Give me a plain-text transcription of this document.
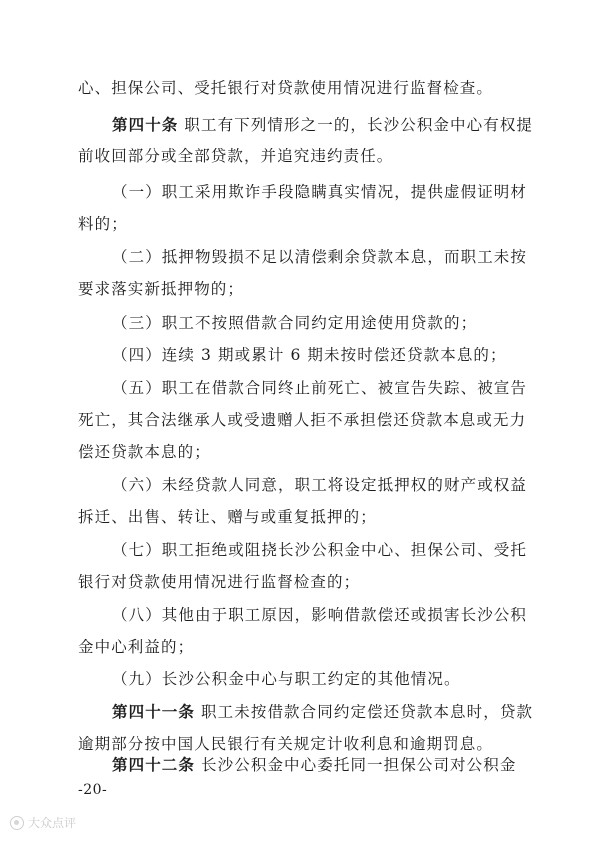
心、担保公司、受托银行对贷款使用情况进行监督检查。
第四十条 职工有下列情形之一的，长沙公积金中心有权提
前收回部分或全部贷款，并追究违约责任。
（一）职工采用欺诈手段隐瞒真实情况，提供虚假证明材
料的；
（二）抵押物毁损不足以清偿剩余贷款本息，而职工未按
要求落实新抵押物的；
（三）职工不按照借款合同约定用途使用贷款的；
（四）连续 3 期或累计 6 期未按时偿还贷款本息的；
（五）职工在借款合同终止前死亡、被宣告失踪、被宣告
死亡，其合法继承人或受遗赠人拒不承担偿还贷款本息或无力
偿还贷款本息的；
（六）未经贷款人同意，职工将设定抵押权的财产或权益
拆迁、出售、转让、赠与或重复抵押的；
（七）职工拒绝或阻挠长沙公积金中心、担保公司、受托
银行对贷款使用情况进行监督检查的；
（八）其他由于职工原因，影响借款偿还或损害长沙公积
金中心利益的；
（九）长沙公积金中心与职工约定的其他情况。
第四十一条 职工未按借款合同约定偿还贷款本息时，贷款
逾期部分按中国人民银行有关规定计收利息和逾期罚息。
第四十二条 长沙公积金中心委托同一担保公司对公积金
-20-
大众点评
